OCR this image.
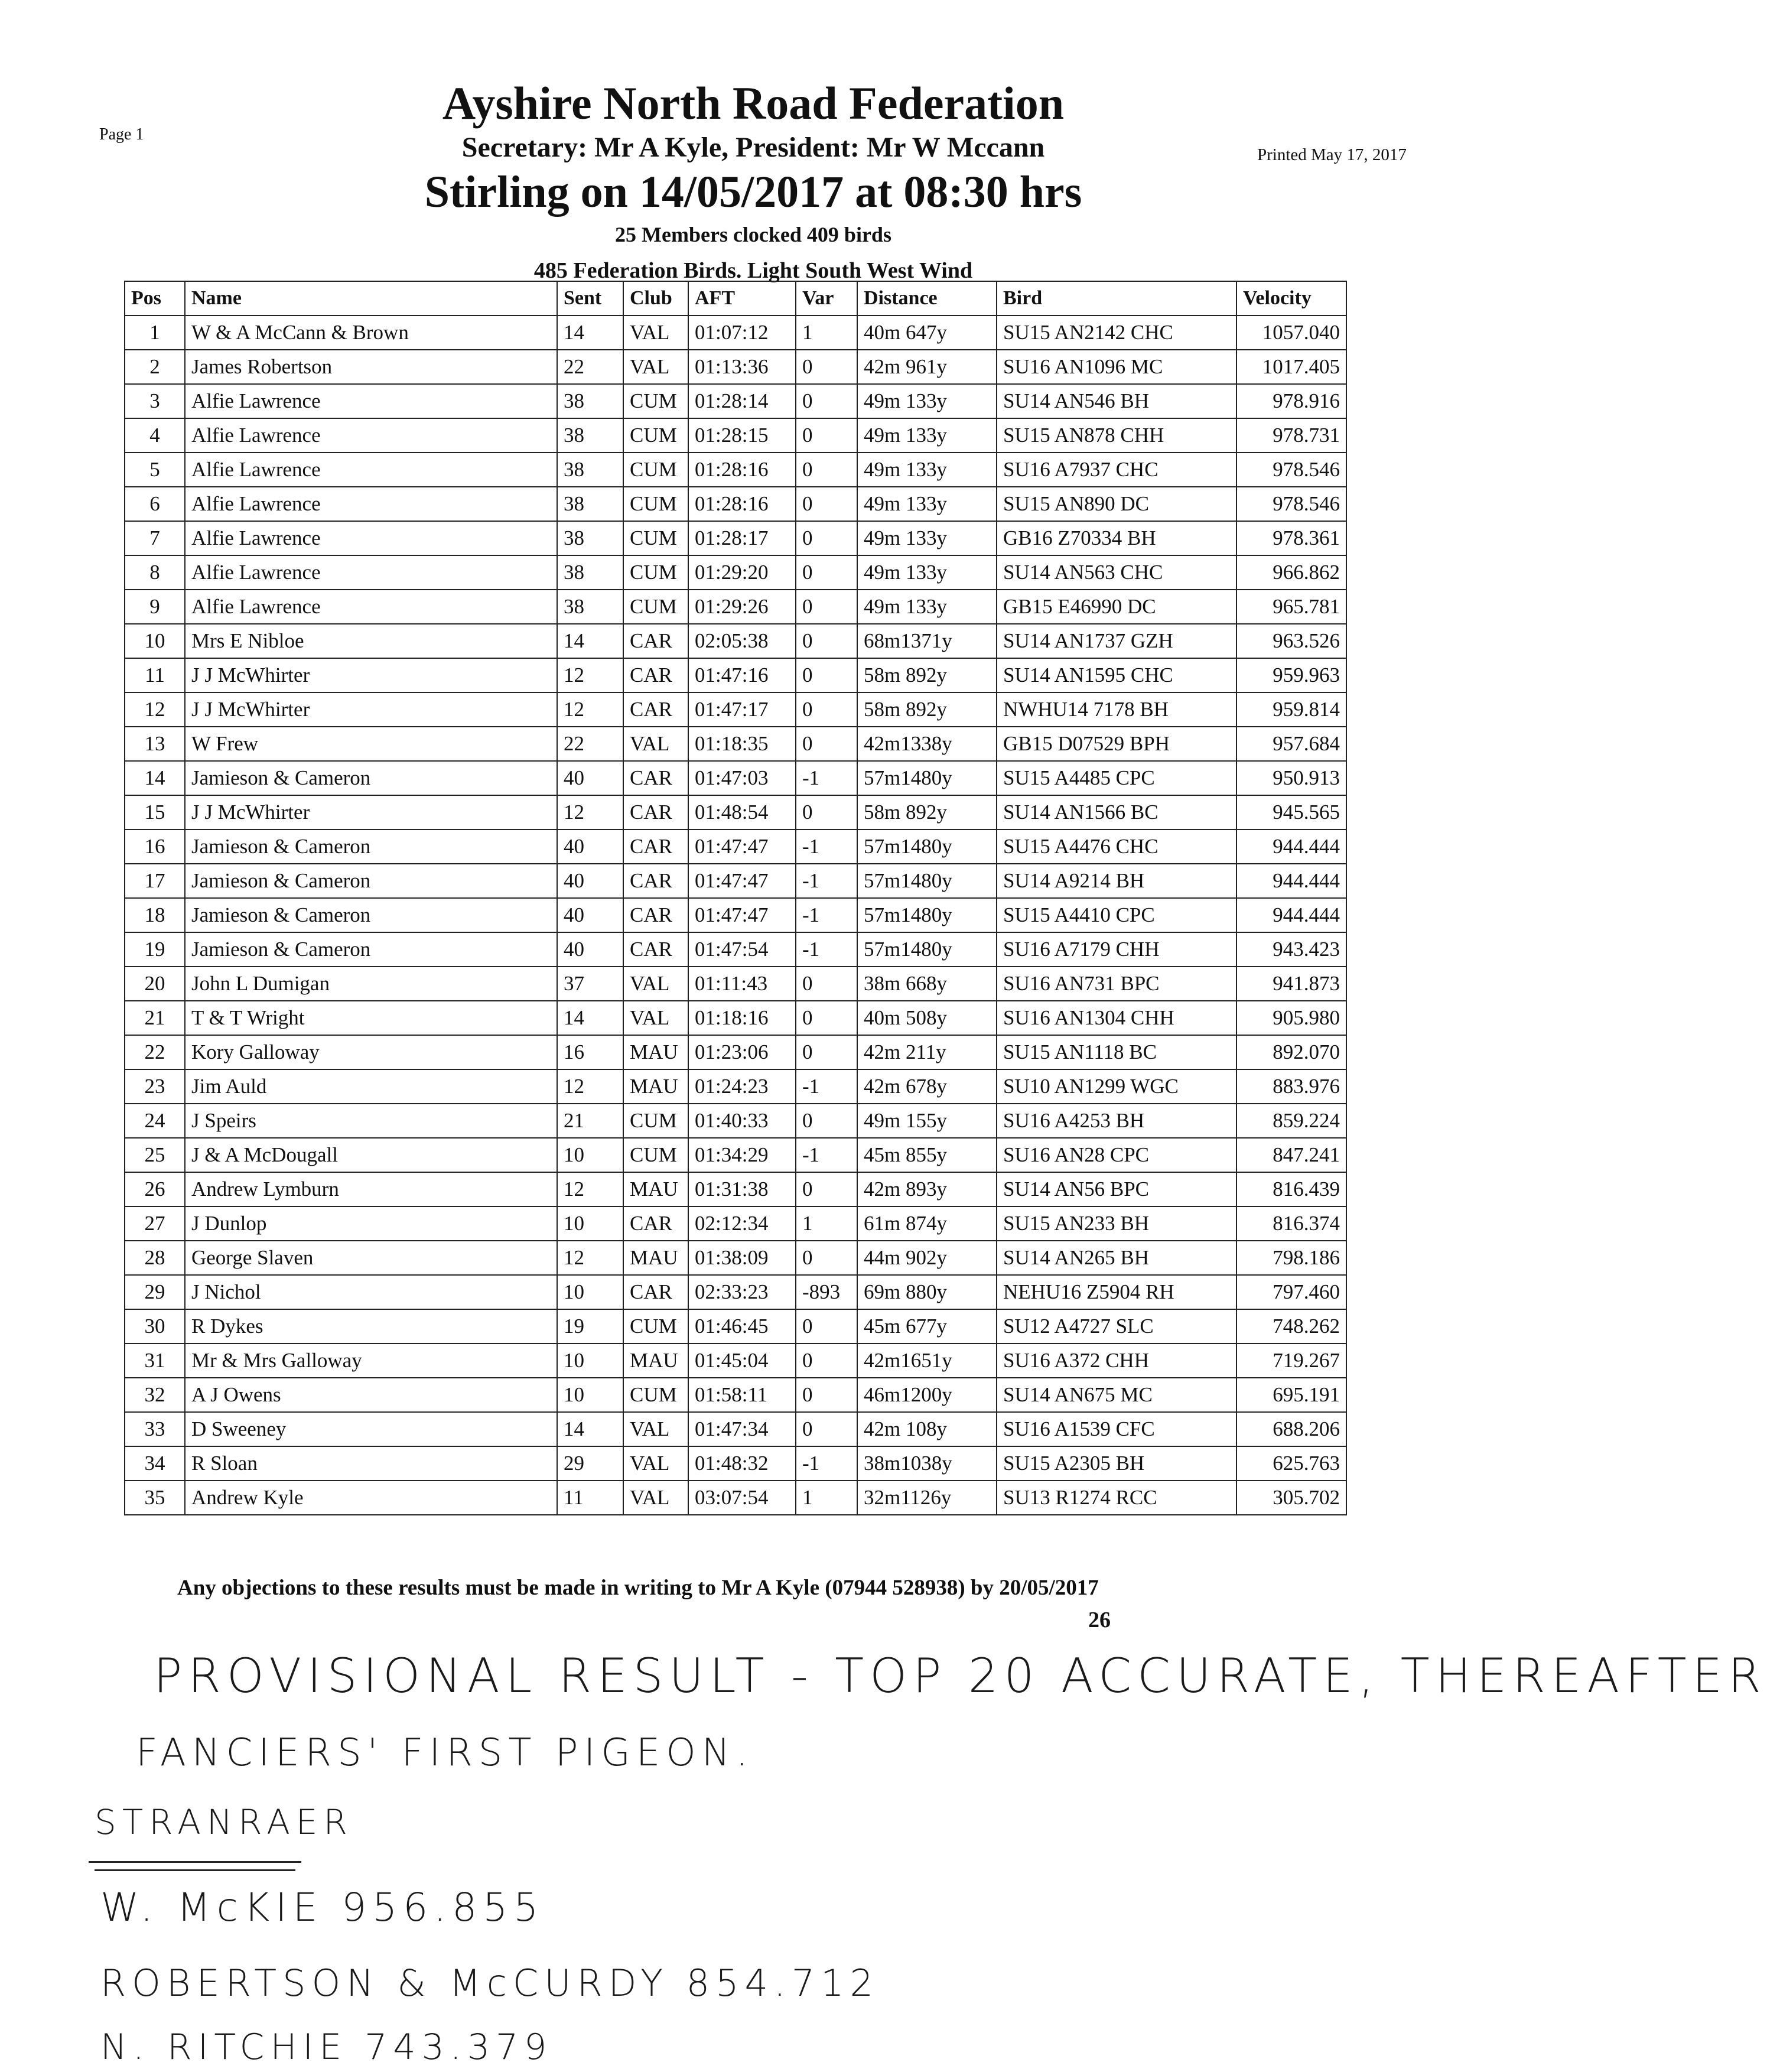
Page 1
Printed May 17, 2017
Ayshire North Road Federation
Secretary: Mr A Kyle, President: Mr W Mccann
Stirling on 14/05/2017 at 08:30 hrs
25 Members clocked 409 birds
485 Federation Birds. Light South West Wind
Pos	Name	Sent	Club	AFT	Var	Distance	Bird	Velocity
1	W & A McCann & Brown	14	VAL	01:07:12	1	40m 647y	SU15 AN2142 CHC	1057.040
2	James Robertson	22	VAL	01:13:36	0	42m 961y	SU16 AN1096 MC	1017.405
3	Alfie Lawrence	38	CUM	01:28:14	0	49m 133y	SU14 AN546 BH	978.916
4	Alfie Lawrence	38	CUM	01:28:15	0	49m 133y	SU15 AN878 CHH	978.731
5	Alfie Lawrence	38	CUM	01:28:16	0	49m 133y	SU16 A7937 CHC	978.546
6	Alfie Lawrence	38	CUM	01:28:16	0	49m 133y	SU15 AN890 DC	978.546
7	Alfie Lawrence	38	CUM	01:28:17	0	49m 133y	GB16 Z70334 BH	978.361
8	Alfie Lawrence	38	CUM	01:29:20	0	49m 133y	SU14 AN563 CHC	966.862
9	Alfie Lawrence	38	CUM	01:29:26	0	49m 133y	GB15 E46990 DC	965.781
10	Mrs E Nibloe	14	CAR	02:05:38	0	68m1371y	SU14 AN1737 GZH	963.526
11	J J McWhirter	12	CAR	01:47:16	0	58m 892y	SU14 AN1595 CHC	959.963
12	J J McWhirter	12	CAR	01:47:17	0	58m 892y	NWHU14 7178 BH	959.814
13	W Frew	22	VAL	01:18:35	0	42m1338y	GB15 D07529 BPH	957.684
14	Jamieson & Cameron	40	CAR	01:47:03	-1	57m1480y	SU15 A4485 CPC	950.913
15	J J McWhirter	12	CAR	01:48:54	0	58m 892y	SU14 AN1566 BC	945.565
16	Jamieson & Cameron	40	CAR	01:47:47	-1	57m1480y	SU15 A4476 CHC	944.444
17	Jamieson & Cameron	40	CAR	01:47:47	-1	57m1480y	SU14 A9214 BH	944.444
18	Jamieson & Cameron	40	CAR	01:47:47	-1	57m1480y	SU15 A4410 CPC	944.444
19	Jamieson & Cameron	40	CAR	01:47:54	-1	57m1480y	SU16 A7179 CHH	943.423
20	John L Dumigan	37	VAL	01:11:43	0	38m 668y	SU16 AN731 BPC	941.873
21	T & T Wright	14	VAL	01:18:16	0	40m 508y	SU16 AN1304 CHH	905.980
22	Kory Galloway	16	MAU	01:23:06	0	42m 211y	SU15 AN1118 BC	892.070
23	Jim Auld	12	MAU	01:24:23	-1	42m 678y	SU10 AN1299 WGC	883.976
24	J Speirs	21	CUM	01:40:33	0	49m 155y	SU16 A4253 BH	859.224
25	J & A McDougall	10	CUM	01:34:29	-1	45m 855y	SU16 AN28 CPC	847.241
26	Andrew Lymburn	12	MAU	01:31:38	0	42m 893y	SU14 AN56 BPC	816.439
27	J Dunlop	10	CAR	02:12:34	1	61m 874y	SU15 AN233 BH	816.374
28	George Slaven	12	MAU	01:38:09	0	44m 902y	SU14 AN265 BH	798.186
29	J Nichol	10	CAR	02:33:23	-893	69m 880y	NEHU16 Z5904 RH	797.460
30	R Dykes	19	CUM	01:46:45	0	45m 677y	SU12 A4727 SLC	748.262
31	Mr & Mrs Galloway	10	MAU	01:45:04	0	42m1651y	SU16 A372 CHH	719.267
32	A J Owens	10	CUM	01:58:11	0	46m1200y	SU14 AN675 MC	695.191
33	D Sweeney	14	VAL	01:47:34	0	42m 108y	SU16 A1539 CFC	688.206
34	R Sloan	29	VAL	01:48:32	-1	38m1038y	SU15 A2305 BH	625.763
35	Andrew Kyle	11	VAL	03:07:54	1	32m1126y	SU13 R1274 RCC	305.702
Any objections to these results must be made in writing to Mr A Kyle (07944 528938) by 20/05/2017
26
PROVISIONAL RESULT - TOP 20 ACCURATE, THEREAFTER
FANCIERS' FIRST PIGEON.
STRANRAER
W. McKIE 956.855
ROBERTSON & McCURDY 854.712
N. RITCHIE 743.379
